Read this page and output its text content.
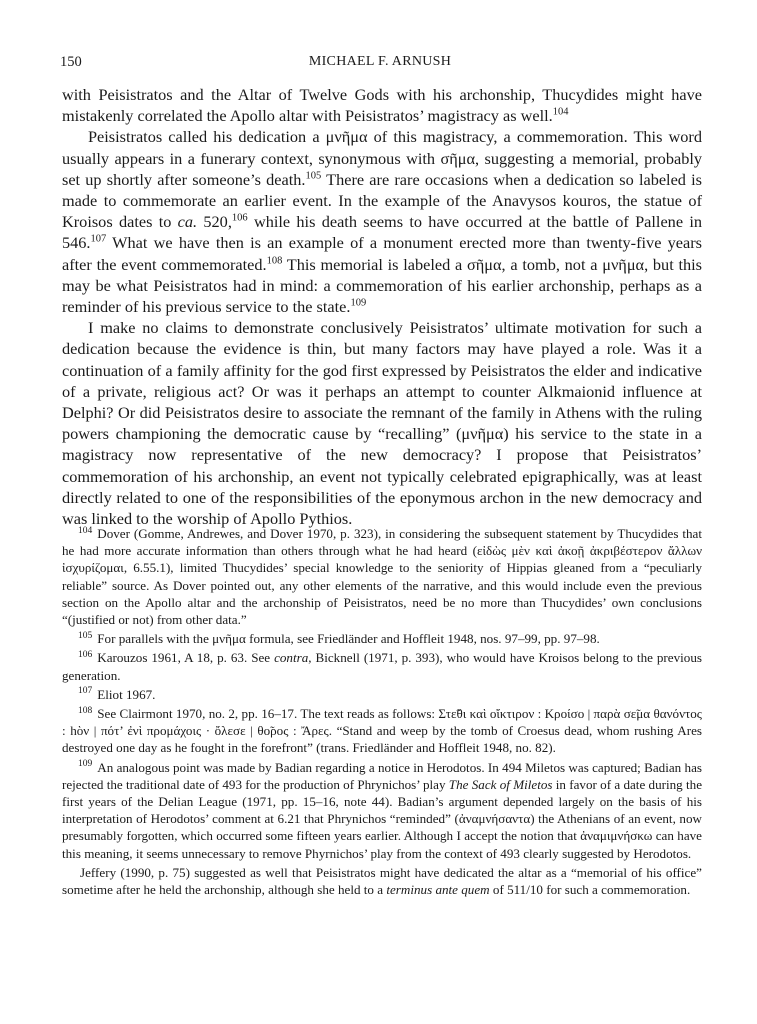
150	MICHAEL F. ARNUSH

with Peisistratos and the Altar of Twelve Gods with his archonship, Thucydides might have mistakenly correlated the Apollo altar with Peisistratos’ magistracy as well.$^{104}$

Peisistratos called his dedication a μνῆμα of this magistracy, a commemoration. This word usually appears in a funerary context, synonymous with σῆμα, suggesting a memorial, probably set up shortly after someone’s death.$^{105}$ There are rare occasions when a dedication so labeled is made to commemorate an earlier event. In the example of the Anavysos kouros, the statue of Kroisos dates to ca. 520,$^{106}$ while his death seems to have occurred at the battle of Pallene in 546.$^{107}$ What we have then is an example of a monument erected more than twenty-five years after the event commemorated.$^{108}$ This memorial is labeled a σῆμα, a tomb, not a μνῆμα, but this may be what Peisistratos had in mind: a commemoration of his earlier archonship, perhaps as a reminder of his previous service to the state.$^{109}$

I make no claims to demonstrate conclusively Peisistratos’ ultimate motivation for such a dedication because the evidence is thin, but many factors may have played a role. Was it a continuation of a family affinity for the god first expressed by Peisistratos the elder and indicative of a private, religious act? Or was it perhaps an attempt to counter Alkmaionid influence at Delphi? Or did Peisistratos desire to associate the remnant of the family in Athens with the ruling powers championing the democratic cause by “recalling” (μνῆμα) his service to the state in a magistracy now representative of the new democracy? I propose that Peisistratos’ commemoration of his archonship, an event not typically celebrated epigraphically, was at least directly related to one of the responsibilities of the eponymous archon in the new democracy and was linked to the worship of Apollo Pythios.

$^{104}$ Dover (Gomme, Andrewes, and Dover 1970, p. 323), in considering the subsequent statement by Thucydides that he had more accurate information than others through what he had heard (εἰδὼς μὲν καὶ ἀκοῇ ἀκριβέστερον ἄλλων ἰσχυρίζομαι, 6.55.1), limited Thucydides’ special knowledge to the seniority of Hippias gleaned from a “peculiarly reliable” source. As Dover pointed out, any other elements of the narrative, and this would include even the previous section on the Apollo altar and the archonship of Peisistratos, need be no more than Thucydides’ own conclusions “(justified or not) from other data.”

$^{105}$ For parallels with the μνῆμα formula, see Friedländer and Hoffleit 1948, nos. 97–99, pp. 97–98.

$^{106}$ Karouzos 1961, A 18, p. 63. See contra, Bicknell (1971, p. 393), who would have Kroisos belong to the previous generation.

$^{107}$ Eliot 1967.

$^{108}$ See Clairmont 1970, no. 2, pp. 16–17. The text reads as follows: Στε̃θι καὶ οἴκτιρον : Κροίσο | παρὰ σε̃μα θανόντος : hὸν | πότ’ ἐνὶ προμάχοις · ὄλεσε | θο̃ρος : Ἄρες. “Stand and weep by the tomb of Croesus dead, whom rushing Ares destroyed one day as he fought in the forefront” (trans. Friedländer and Hoffleit 1948, no. 82).

$^{109}$ An analogous point was made by Badian regarding a notice in Herodotos. In 494 Miletos was captured; Badian has rejected the traditional date of 493 for the production of Phrynichos’ play The Sack of Miletos in favor of a date during the first years of the Delian League (1971, pp. 15–16, note 44). Badian’s argument depended largely on the basis of his interpretation of Herodotos’ comment at 6.21 that Phrynichos “reminded” (ἀναμνήσαντα) the Athenians of an event, now presumably forgotten, which occurred some fifteen years earlier. Although I accept the notion that ἀναμιμνήσκω can have this meaning, it seems unnecessary to remove Phyrnichos’ play from the context of 493 clearly suggested by Herodotos.

Jeffery (1990, p. 75) suggested as well that Peisistratos might have dedicated the altar as a “memorial of his office” sometime after he held the archonship, although she held to a terminus ante quem of 511/10 for such a commemoration.
